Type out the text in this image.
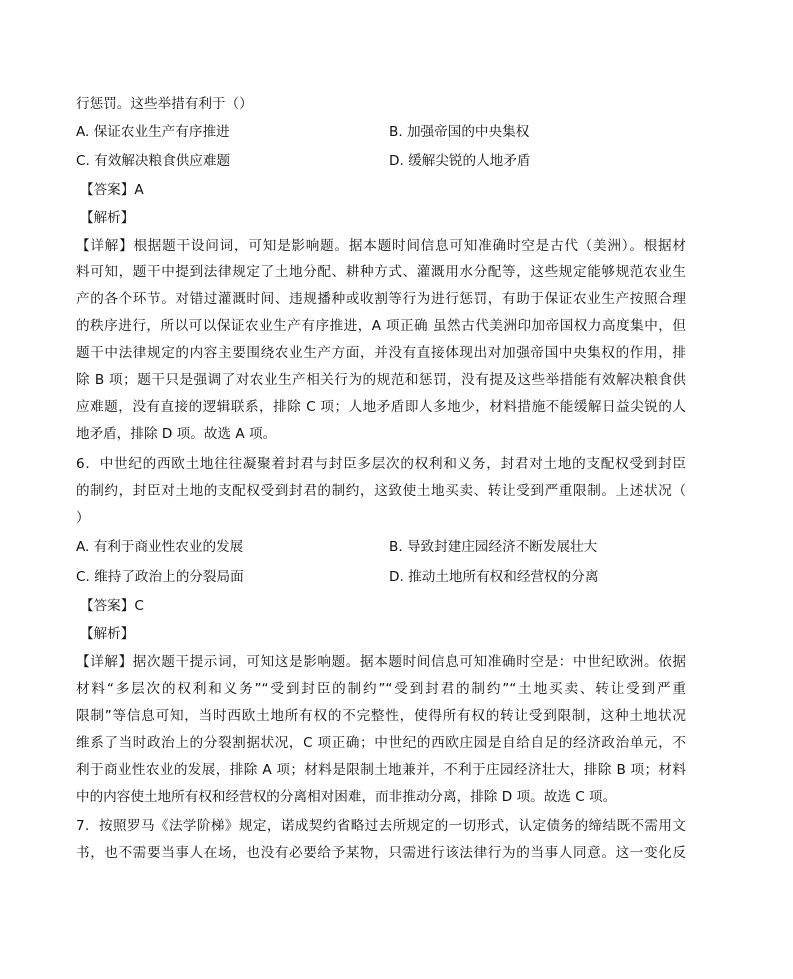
行惩罚。这些举措有利于（）
A. 保证农业生产有序推进	B. 加强帝国的中央集权
C. 有效解决粮食供应难题	D. 缓解尖锐的人地矛盾
【答案】A
【解析】
【详解】根据题干设问词，可知是影响题。据本题时间信息可知准确时空是古代（美洲）。根据材
料可知，题干中提到法律规定了土地分配、耕种方式、灌溉用水分配等，这些规定能够规范农业生
产的各个环节。对错过灌溉时间、违规播种或收割等行为进行惩罚，有助于保证农业生产按照合理
的秩序进行，所以可以保证农业生产有序推进，A 项正确 虽然古代美洲印加帝国权力高度集中，但
题干中法律规定的内容主要围绕农业生产方面，并没有直接体现出对加强帝国中央集权的作用，排
除 B 项；题干只是强调了对农业生产相关行为的规范和惩罚，没有提及这些举措能有效解决粮食供
应难题，没有直接的逻辑联系，排除 C 项；人地矛盾即人多地少，材料措施不能缓解日益尖锐的人
地矛盾，排除 D 项。故选 A 项。
6．中世纪的西欧土地往往凝聚着封君与封臣多层次的权利和义务，封君对土地的支配权受到封臣
的制约，封臣对土地的支配权受到封君的制约，这致使土地买卖、转让受到严重限制。上述状况（
）
A. 有利于商业性农业的发展	B. 导致封建庄园经济不断发展壮大
C. 维持了政治上的分裂局面	D. 推动土地所有权和经营权的分离
【答案】C
【解析】
【详解】据次题干提示词，可知这是影响题。据本题时间信息可知准确时空是：中世纪欧洲。依据
材料“多层次的权利和义务”“受到封臣的制约”“受到封君的制约”“土地买卖、转让受到严重
限制”等信息可知，当时西欧土地所有权的不完整性，使得所有权的转让受到限制，这种土地状况
维系了当时政治上的分裂割据状况，C 项正确；中世纪的西欧庄园是自给自足的经济政治单元，不
利于商业性农业的发展，排除 A 项；材料是限制土地兼并，不利于庄园经济壮大，排除 B 项；材料
中的内容使土地所有权和经营权的分离相对困难，而非推动分离，排除 D 项。故选 C 项。
7．按照罗马《法学阶梯》规定，诺成契约省略过去所规定的一切形式，认定债务的缔结既不需用文
书，也不需要当事人在场，也没有必要给予某物，只需进行该法律行为的当事人同意。这一变化反
